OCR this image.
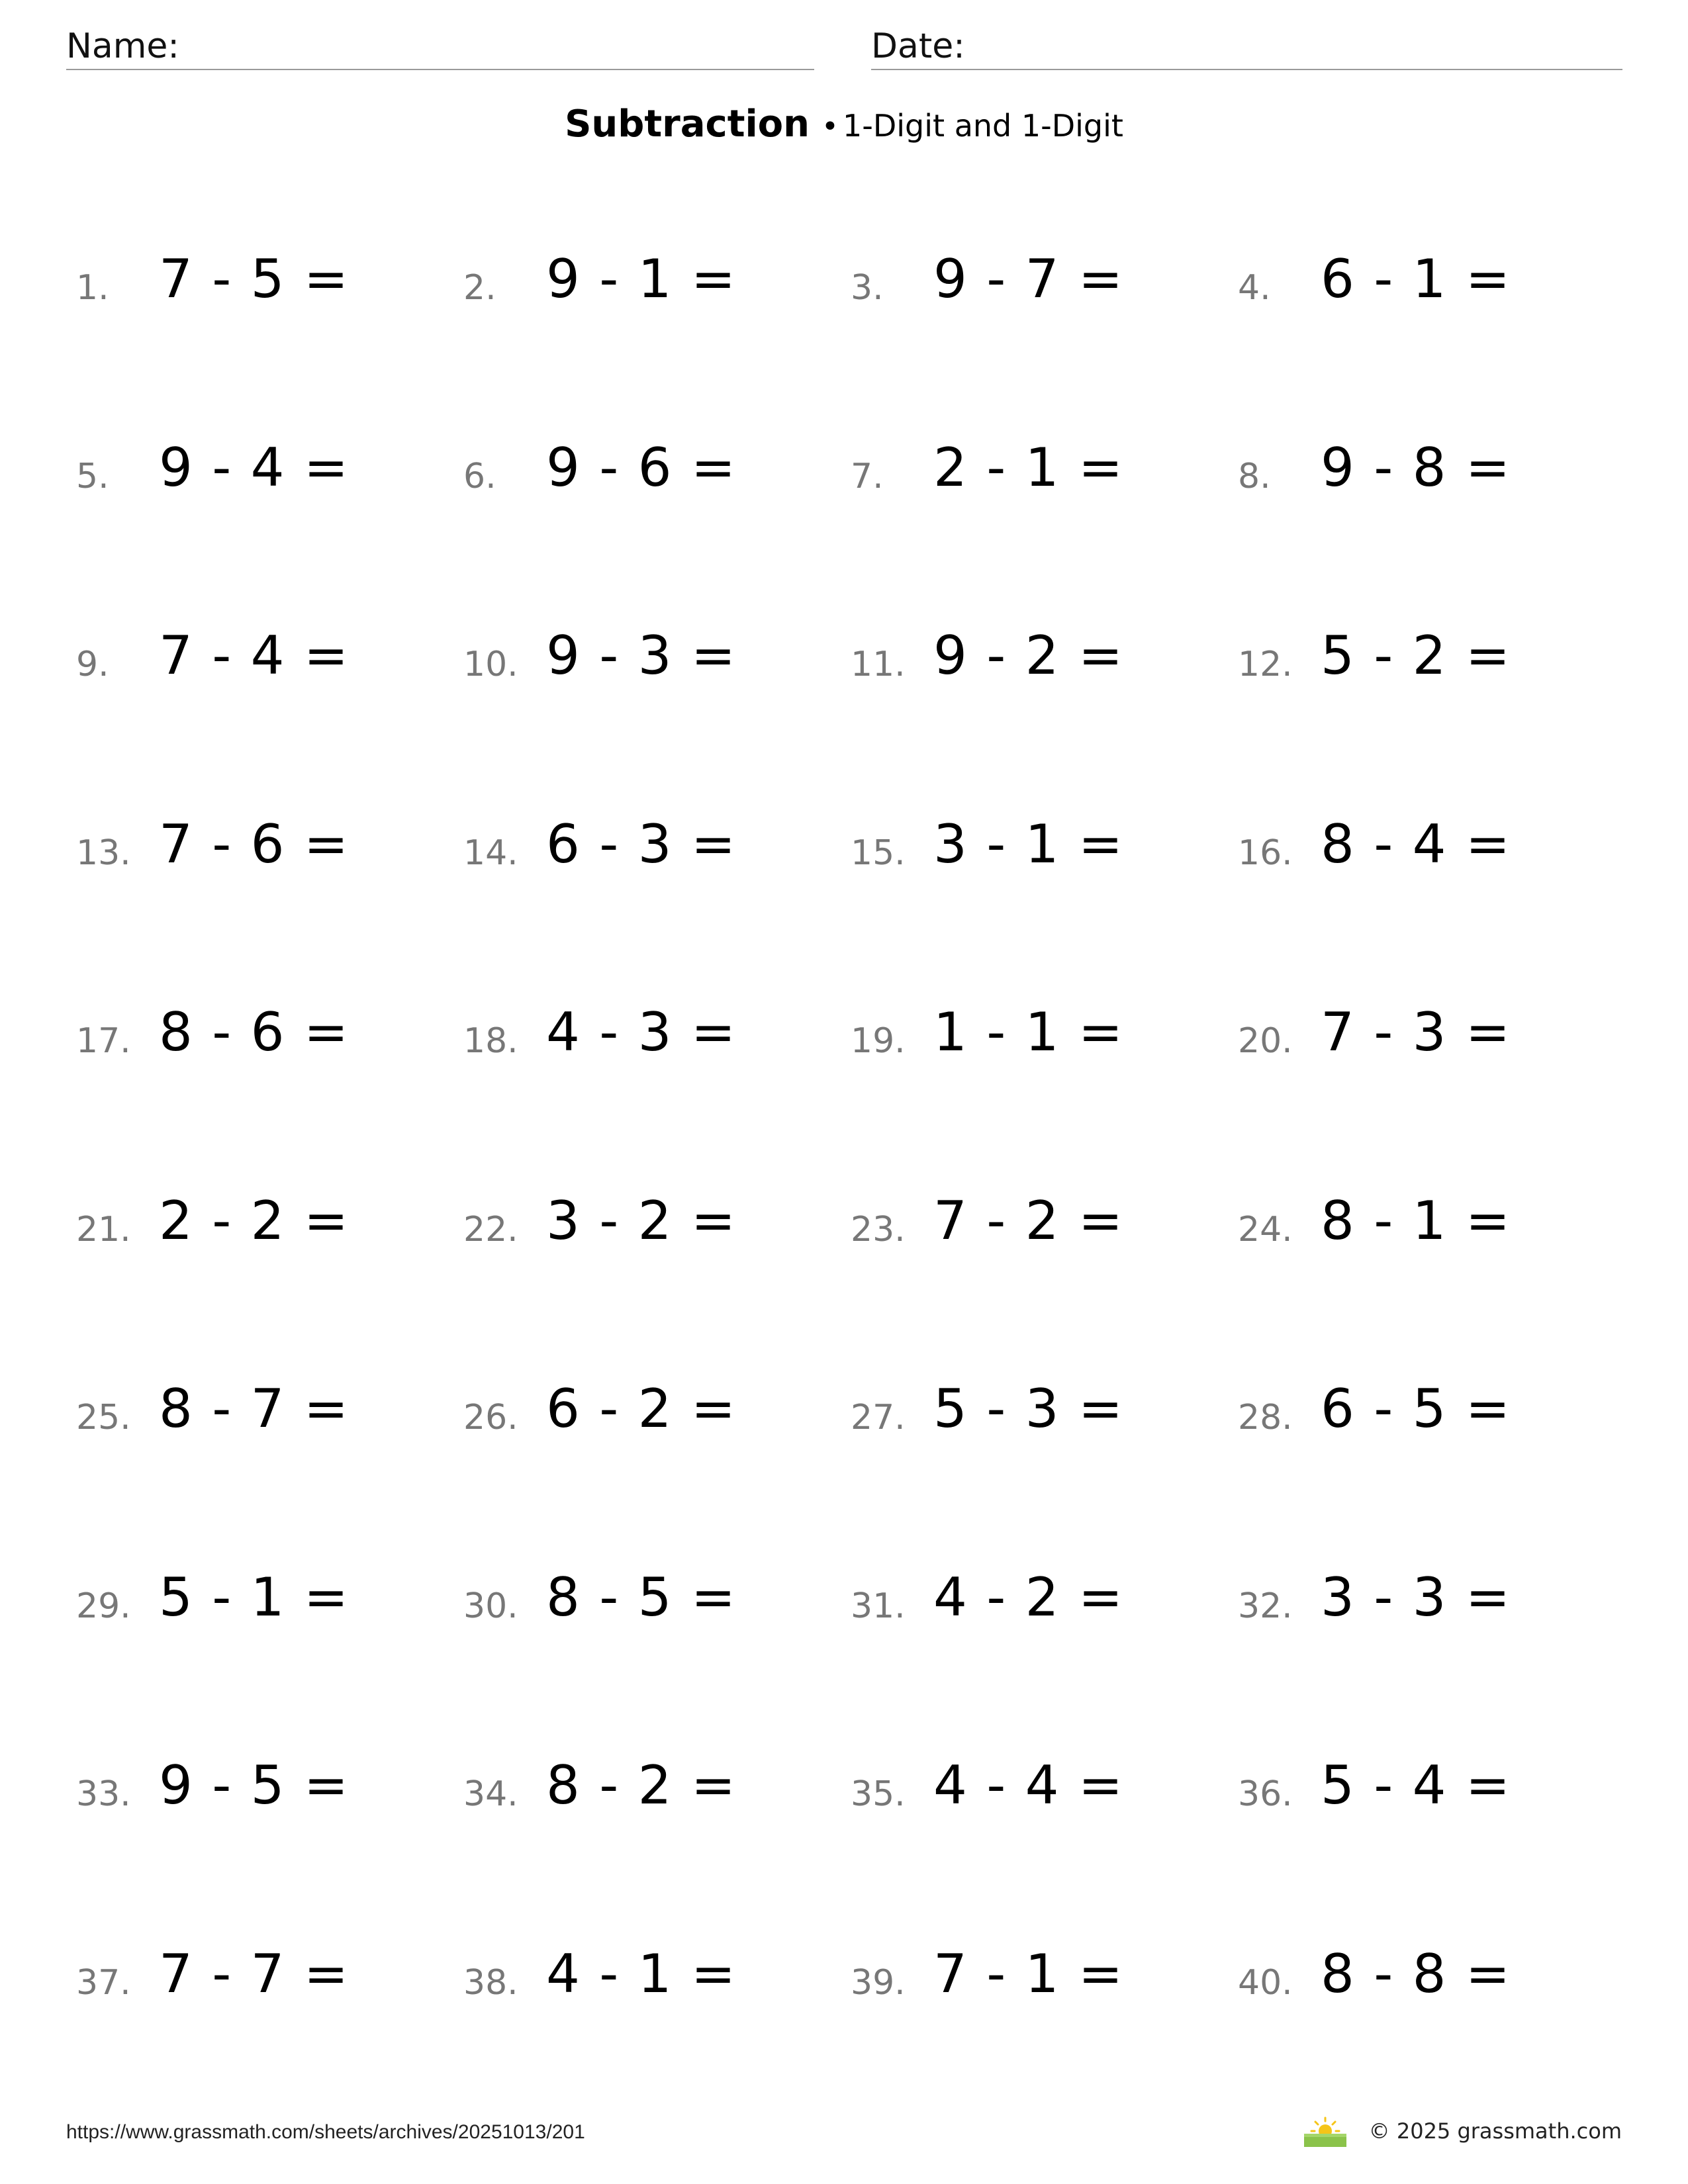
Name:	Date:
Subtraction • 1-Digit and 1-Digit
1. 7 - 5 =	2. 9 - 1 =	3. 9 - 7 =	4. 6 - 1 =
5. 9 - 4 =	6. 9 - 6 =	7. 2 - 1 =	8. 9 - 8 =
9. 7 - 4 =	10. 9 - 3 =	11. 9 - 2 =	12. 5 - 2 =
13. 7 - 6 =	14. 6 - 3 =	15. 3 - 1 =	16. 8 - 4 =
17. 8 - 6 =	18. 4 - 3 =	19. 1 - 1 =	20. 7 - 3 =
21. 2 - 2 =	22. 3 - 2 =	23. 7 - 2 =	24. 8 - 1 =
25. 8 - 7 =	26. 6 - 2 =	27. 5 - 3 =	28. 6 - 5 =
29. 5 - 1 =	30. 8 - 5 =	31. 4 - 2 =	32. 3 - 3 =
33. 9 - 5 =	34. 8 - 2 =	35. 4 - 4 =	36. 5 - 4 =
37. 7 - 7 =	38. 4 - 1 =	39. 7 - 1 =	40. 8 - 8 =
https://www.grassmath.com/sheets/archives/20251013/201	© 2025 grassmath.com
